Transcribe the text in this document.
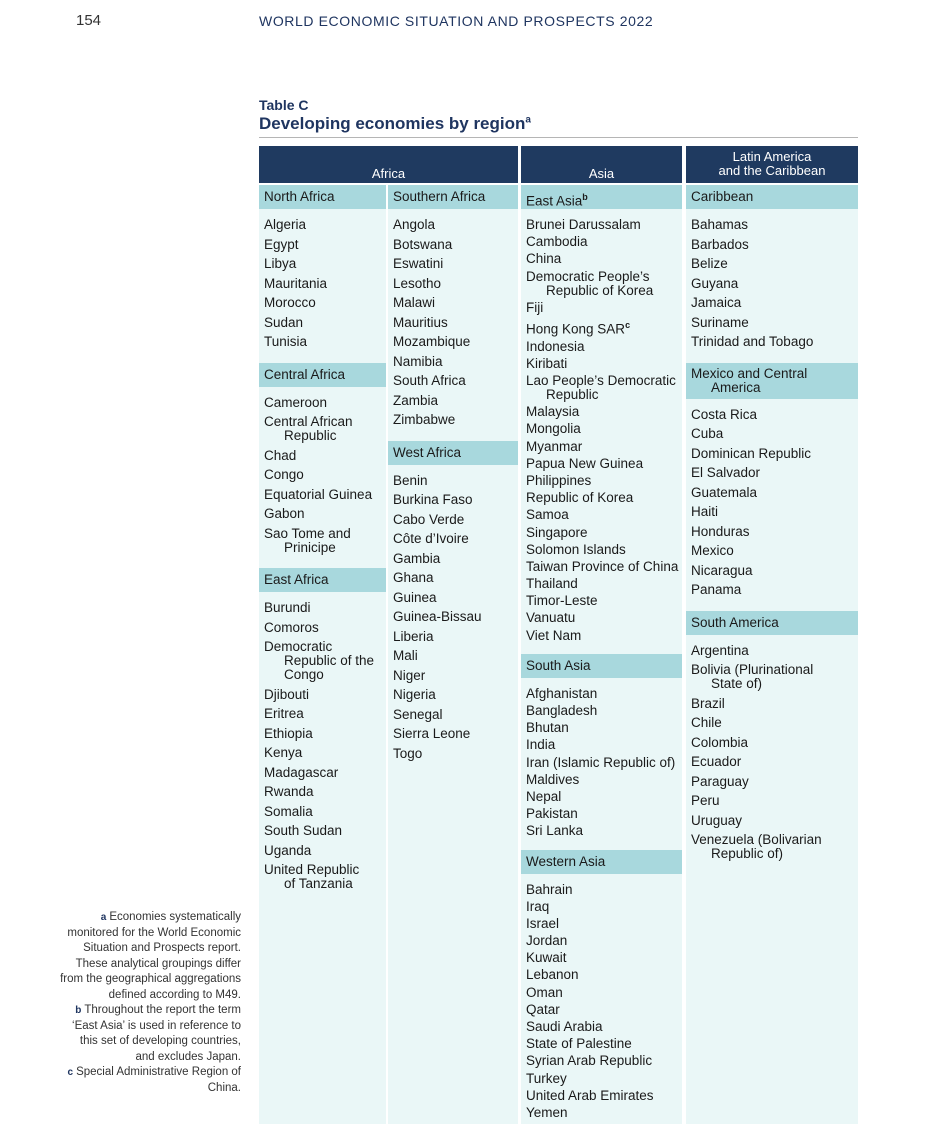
154	WORLD ECONOMIC SITUATION AND PROSPECTS 2022
Table C
Developing economies by region$^a$
Africa	Asia
Latin America
and the Caribbean
North Africa
Algeria
Egypt
Libya
Mauritania
Morocco
Sudan
Tunisia
Central Africa
Cameroon
Central African
Republic
Chad
Congo
Equatorial Guinea
Gabon
Sao Tome and
Prinicipe
East Africa
Burundi
Comoros
Democratic
Republic of the
Congo
Djibouti
Eritrea
Ethiopia
Kenya
Madagascar
Rwanda
Somalia
South Sudan
Uganda
United Republic
of Tanzania
Southern Africa
Angola
Botswana
Eswatini
Lesotho
Malawi
Mauritius
Mozambique
Namibia
South Africa
Zambia
Zimbabwe
West Africa
Benin
Burkina Faso
Cabo Verde
Côte d’Ivoire
Gambia
Ghana
Guinea
Guinea-Bissau
Liberia
Mali
Niger
Nigeria
Senegal
Sierra Leone
Togo
East Asia$^b$
Brunei Darussalam
Cambodia
China
Democratic People’s
Republic of Korea
Fiji
Hong Kong SAR$^c$
Indonesia
Kiribati
Lao People’s Democratic
Republic
Malaysia
Mongolia
Myanmar
Papua New Guinea
Philippines
Republic of Korea
Samoa
Singapore
Solomon Islands
Taiwan Province of China
Thailand
Timor-Leste
Vanuatu
Viet Nam
South Asia
Afghanistan
Bangladesh
Bhutan
India
Iran (Islamic Republic of)
Maldives
Nepal
Pakistan
Sri Lanka
Western Asia
Bahrain
Iraq
Israel
Jordan
Kuwait
Lebanon
Oman
Qatar
Saudi Arabia
State of Palestine
Syrian Arab Republic
Turkey
United Arab Emirates
Yemen
Caribbean
Bahamas
Barbados
Belize
Guyana
Jamaica
Suriname
Trinidad and Tobago
Mexico and Central
America
Costa Rica
Cuba
Dominican Republic
El Salvador
Guatemala
Haiti
Honduras
Mexico
Nicaragua
Panama
South America
Argentina
Bolivia (Plurinational
State of)
Brazil
Chile
Colombia
Ecuador
Paraguay
Peru
Uruguay
Venezuela (Bolivarian
Republic of)
a Economies systematically monitored for the World Economic Situation and Prospects report. These analytical groupings differ from the geographical aggregations defined according to M49.
b Throughout the report the term ‘East Asia’ is used in reference to this set of developing countries, and excludes Japan.
c Special Administrative Region of China.
